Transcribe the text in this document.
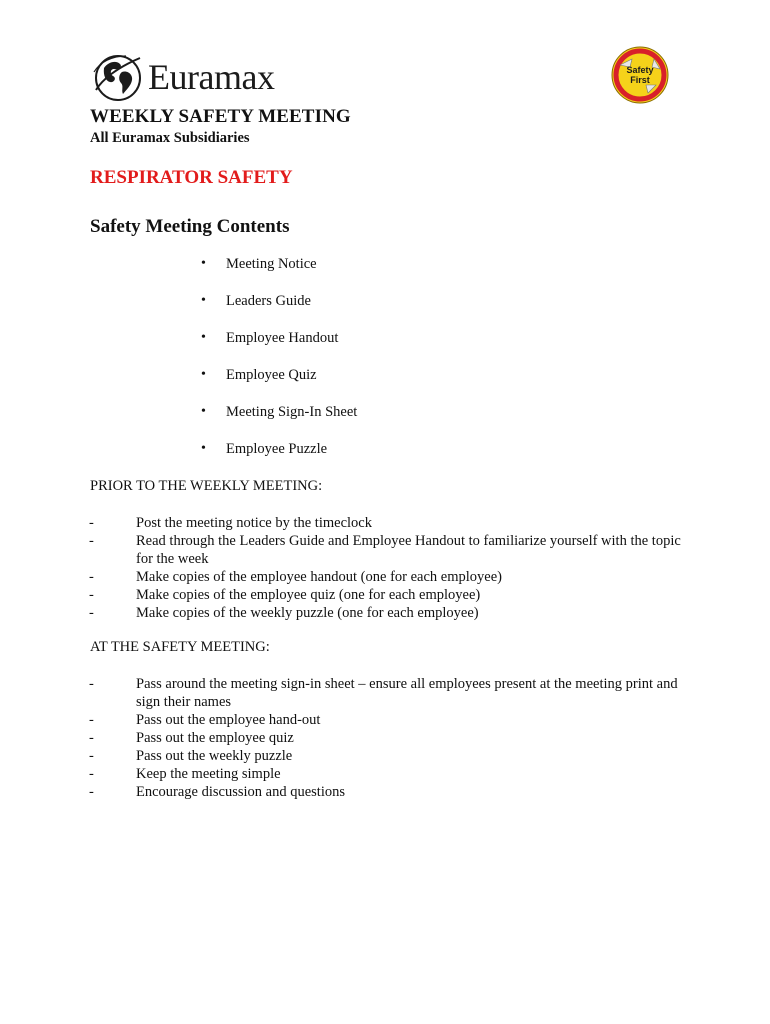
Euramax	Safety
First
WEEKLY SAFETY MEETING
All Euramax Subsidiaries
RESPIRATOR SAFETY
Safety Meeting Contents
• Meeting Notice
• Leaders Guide
• Employee Handout
• Employee Quiz
• Meeting Sign-In Sheet
• Employee Puzzle
PRIOR TO THE WEEKLY MEETING:
-	Post the meeting notice by the timeclock
-	Read through the Leaders Guide and Employee Handout to familiarize yourself with the topic for the week
-	Make copies of the employee handout (one for each employee)
-	Make copies of the employee quiz (one for each employee)
-	Make copies of the weekly puzzle (one for each employee)
AT THE SAFETY MEETING:
-	Pass around the meeting sign-in sheet – ensure all employees present at the meeting print and sign their names
-	Pass out the employee hand-out
-	Pass out the employee quiz
-	Pass out the weekly puzzle
-	Keep the meeting simple
-	Encourage discussion and questions
